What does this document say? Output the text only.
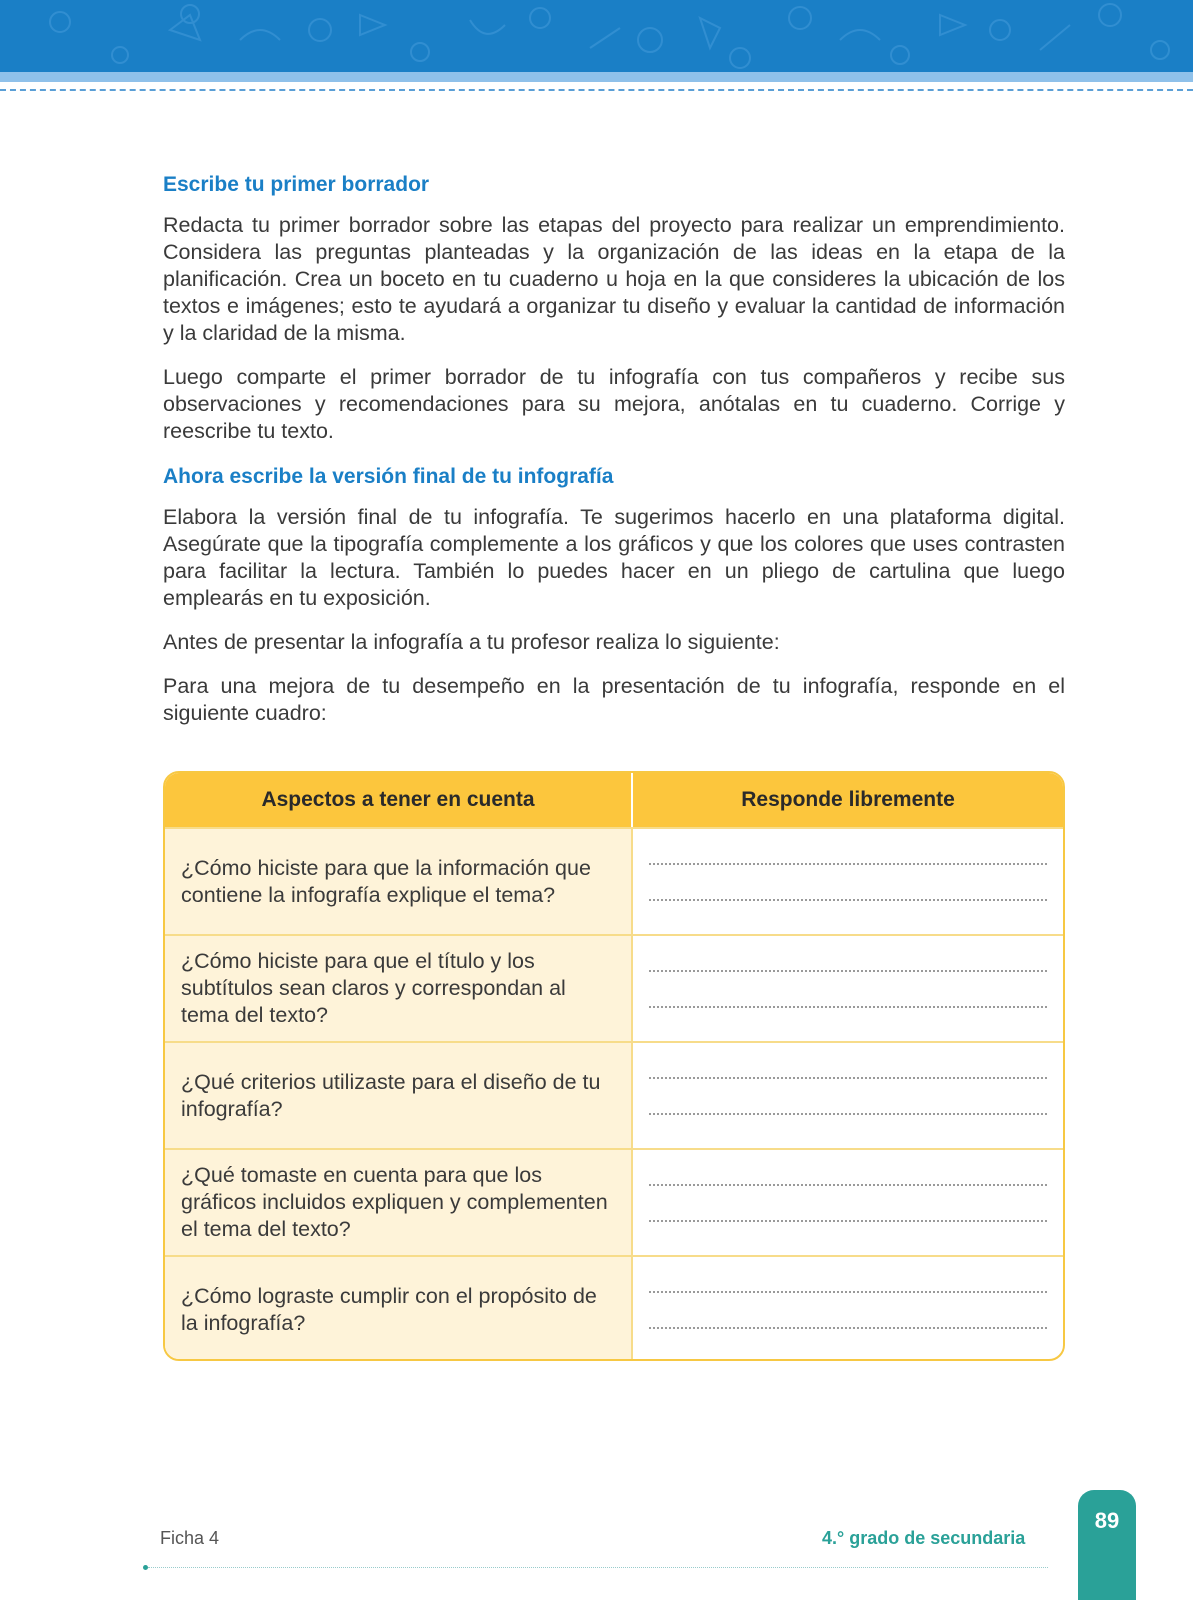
Escribe tu primer borrador

Redacta tu primer borrador sobre las etapas del proyecto para realizar un emprendimiento. Considera las preguntas planteadas y la organización de las ideas en la etapa de la planificación. Crea un boceto en tu cuaderno u hoja en la que consideres la ubicación de los textos e imágenes; esto te ayudará a organizar tu diseño y evaluar la cantidad de información y la claridad de la misma.

Luego comparte el primer borrador de tu infografía con tus compañeros y recibe sus observaciones y recomendaciones para su mejora, anótalas en tu cuaderno. Corrige y reescribe tu texto.

Ahora escribe la versión final de tu infografía

Elabora la versión final de tu infografía. Te sugerimos hacerlo en una plataforma digital. Asegúrate que la tipografía complemente a los gráficos y que los colores que uses contrasten para facilitar la lectura. También lo puedes hacer en un pliego de cartulina que luego emplearás en tu exposición.

Antes de presentar la infografía a tu profesor realiza lo siguiente:

Para una mejora de tu desempeño en la presentación de tu infografía, responde en el siguiente cuadro:

Aspectos a tener en cuenta	Responde libremente
¿Cómo hiciste para que la información que contiene la infografía explique el tema?
¿Cómo hiciste para que el título y los subtítulos sean claros y correspondan al tema del texto?
¿Qué criterios utilizaste para el diseño de tu infografía?
¿Qué tomaste en cuenta para que los gráficos incluidos expliquen y complementen el tema del texto?
¿Cómo lograste cumplir con el propósito de la infografía?
Ficha 4	4.° grado de secundaria
89
